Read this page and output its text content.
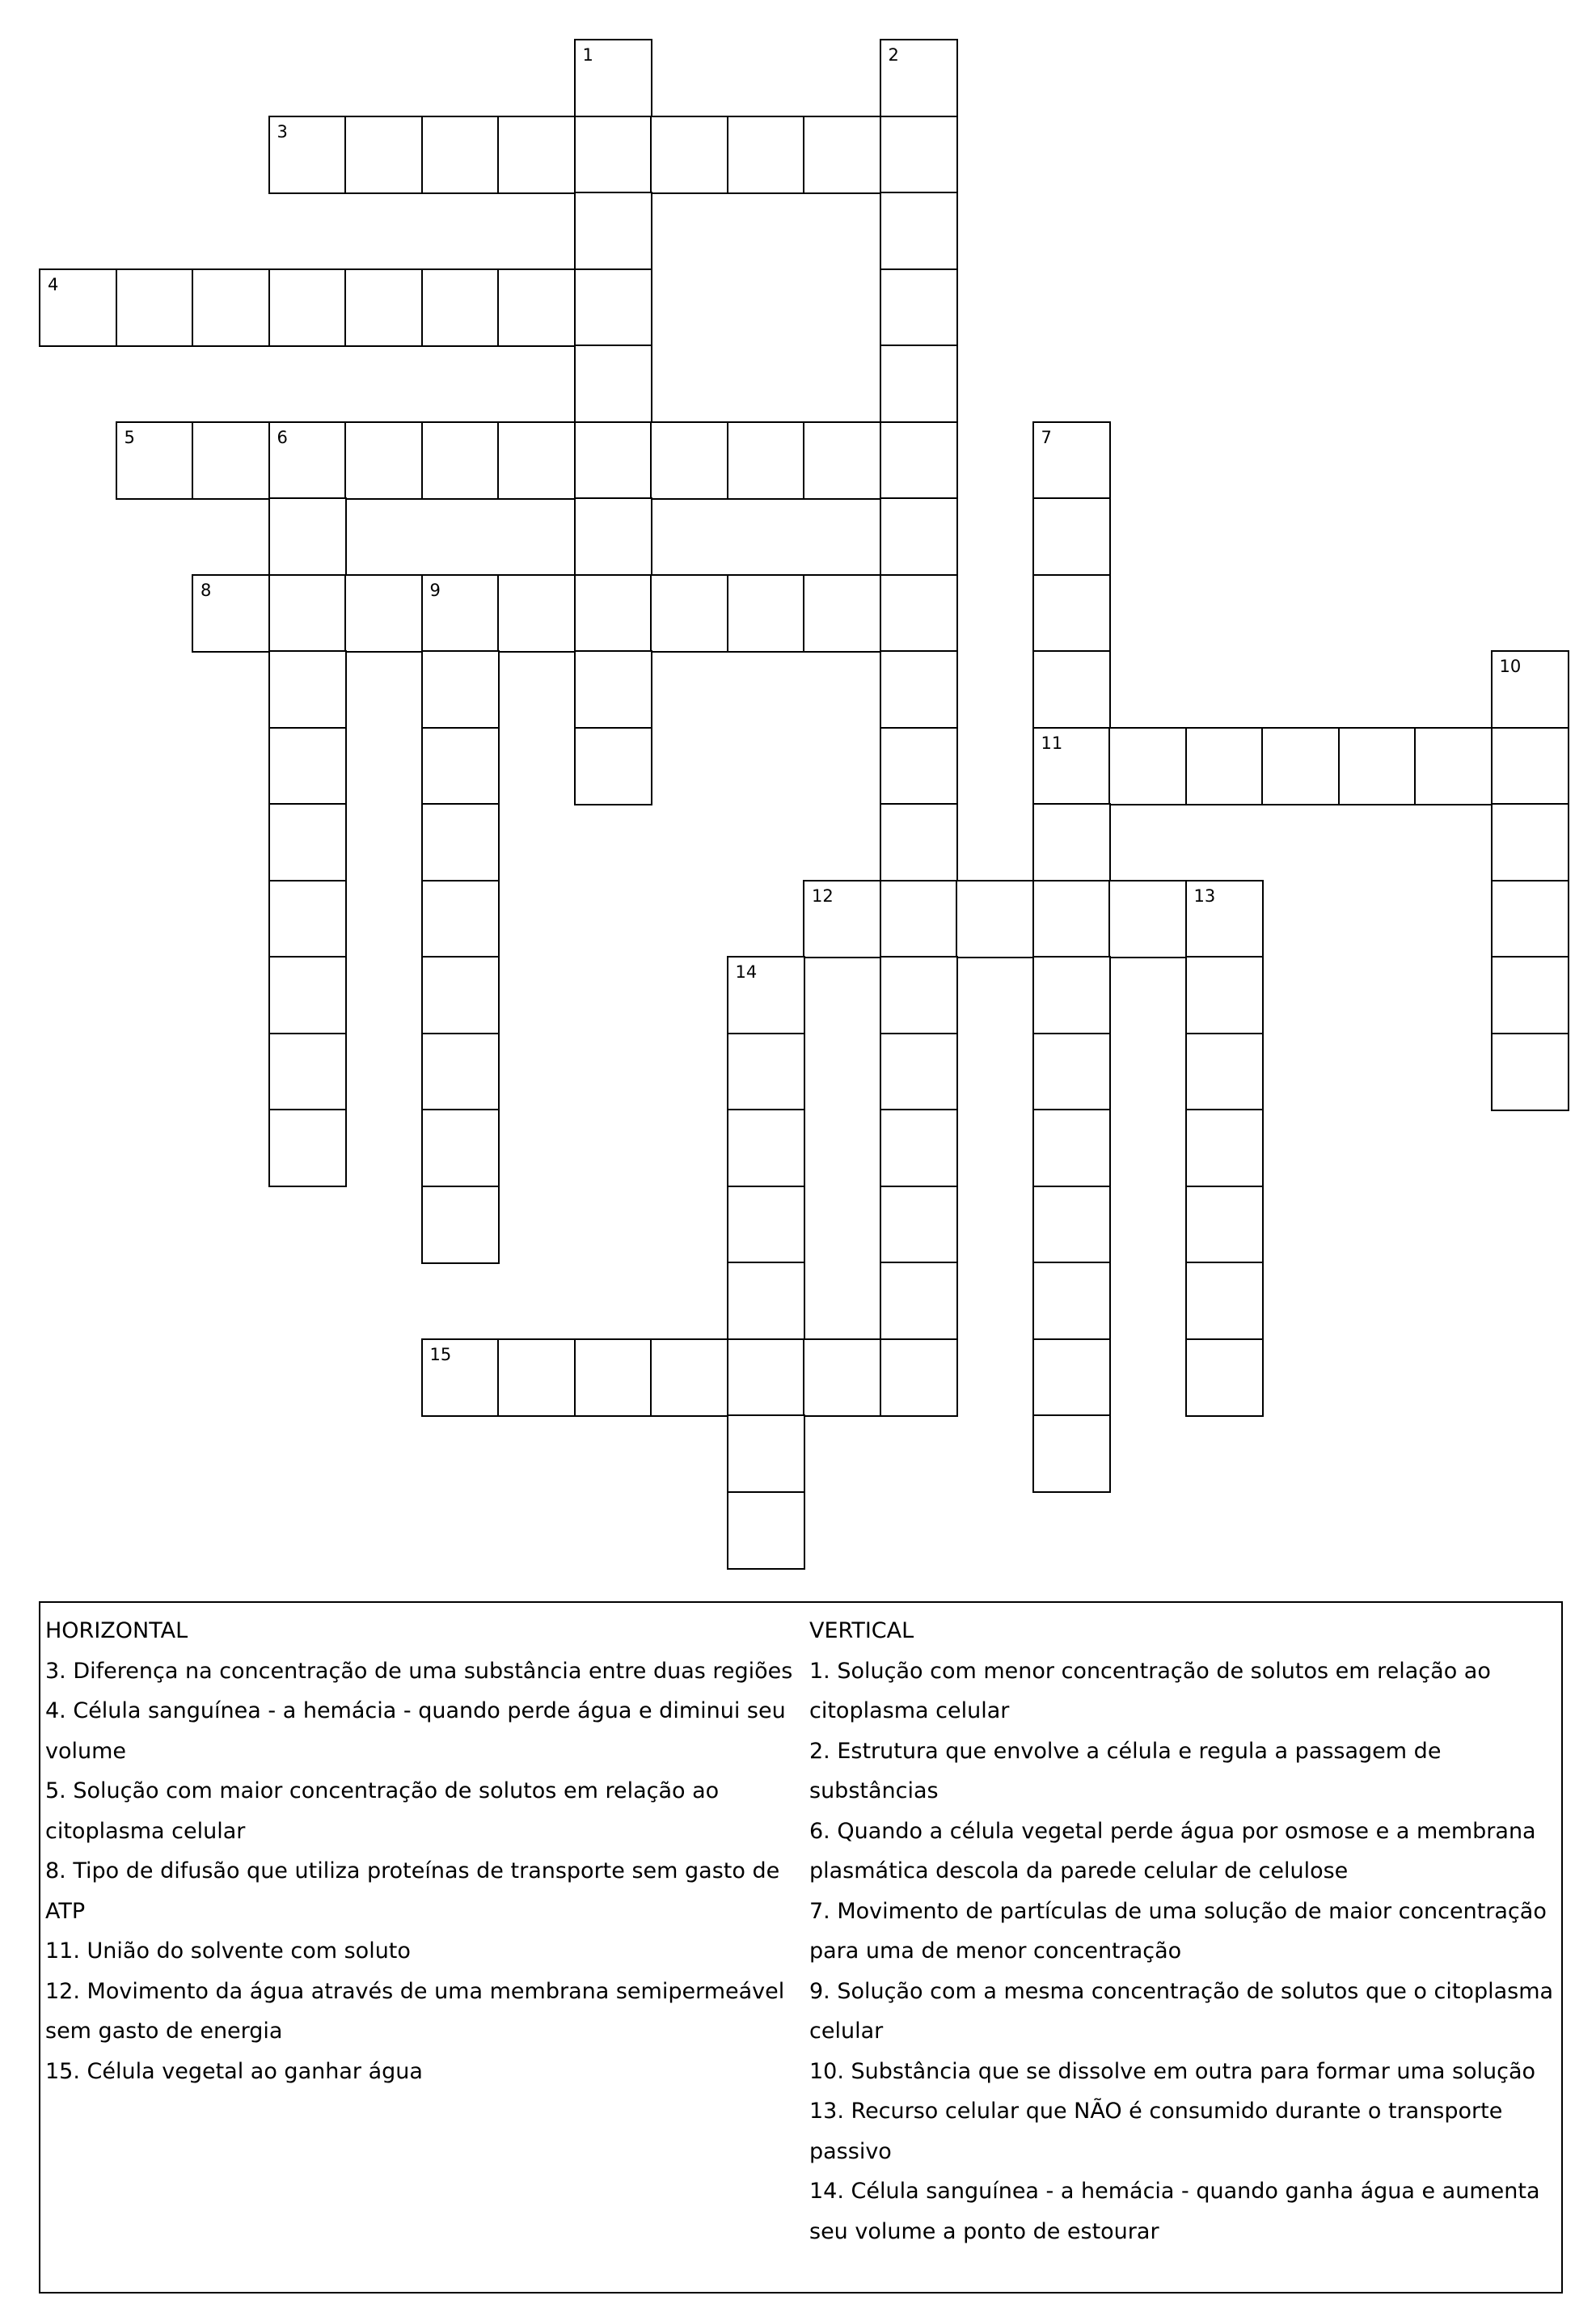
1	2
3
4
5	6	7
8	9
10
11
12	13
14
15
HORIZONTAL
3. Diferença na concentração de uma substância entre duas regiões
4. Célula sanguínea - a hemácia - quando perde água e diminui seu
volume
5. Solução com maior concentração de solutos em relação ao
citoplasma celular
8. Tipo de difusão que utiliza proteínas de transporte sem gasto de
ATP
11. União do solvente com soluto
12. Movimento da água através de uma membrana semipermeável
sem gasto de energia
15. Célula vegetal ao ganhar água
VERTICAL
1. Solução com menor concentração de solutos em relação ao
citoplasma celular
2. Estrutura que envolve a célula e regula a passagem de
substâncias
6. Quando a célula vegetal perde água por osmose e a membrana
plasmática descola da parede celular de celulose
7. Movimento de partículas de uma solução de maior concentração
para uma de menor concentração
9. Solução com a mesma concentração de solutos que o citoplasma
celular
10. Substância que se dissolve em outra para formar uma solução
13. Recurso celular que NÃO é consumido durante o transporte
passivo
14. Célula sanguínea - a hemácia - quando ganha água e aumenta
seu volume a ponto de estourar
